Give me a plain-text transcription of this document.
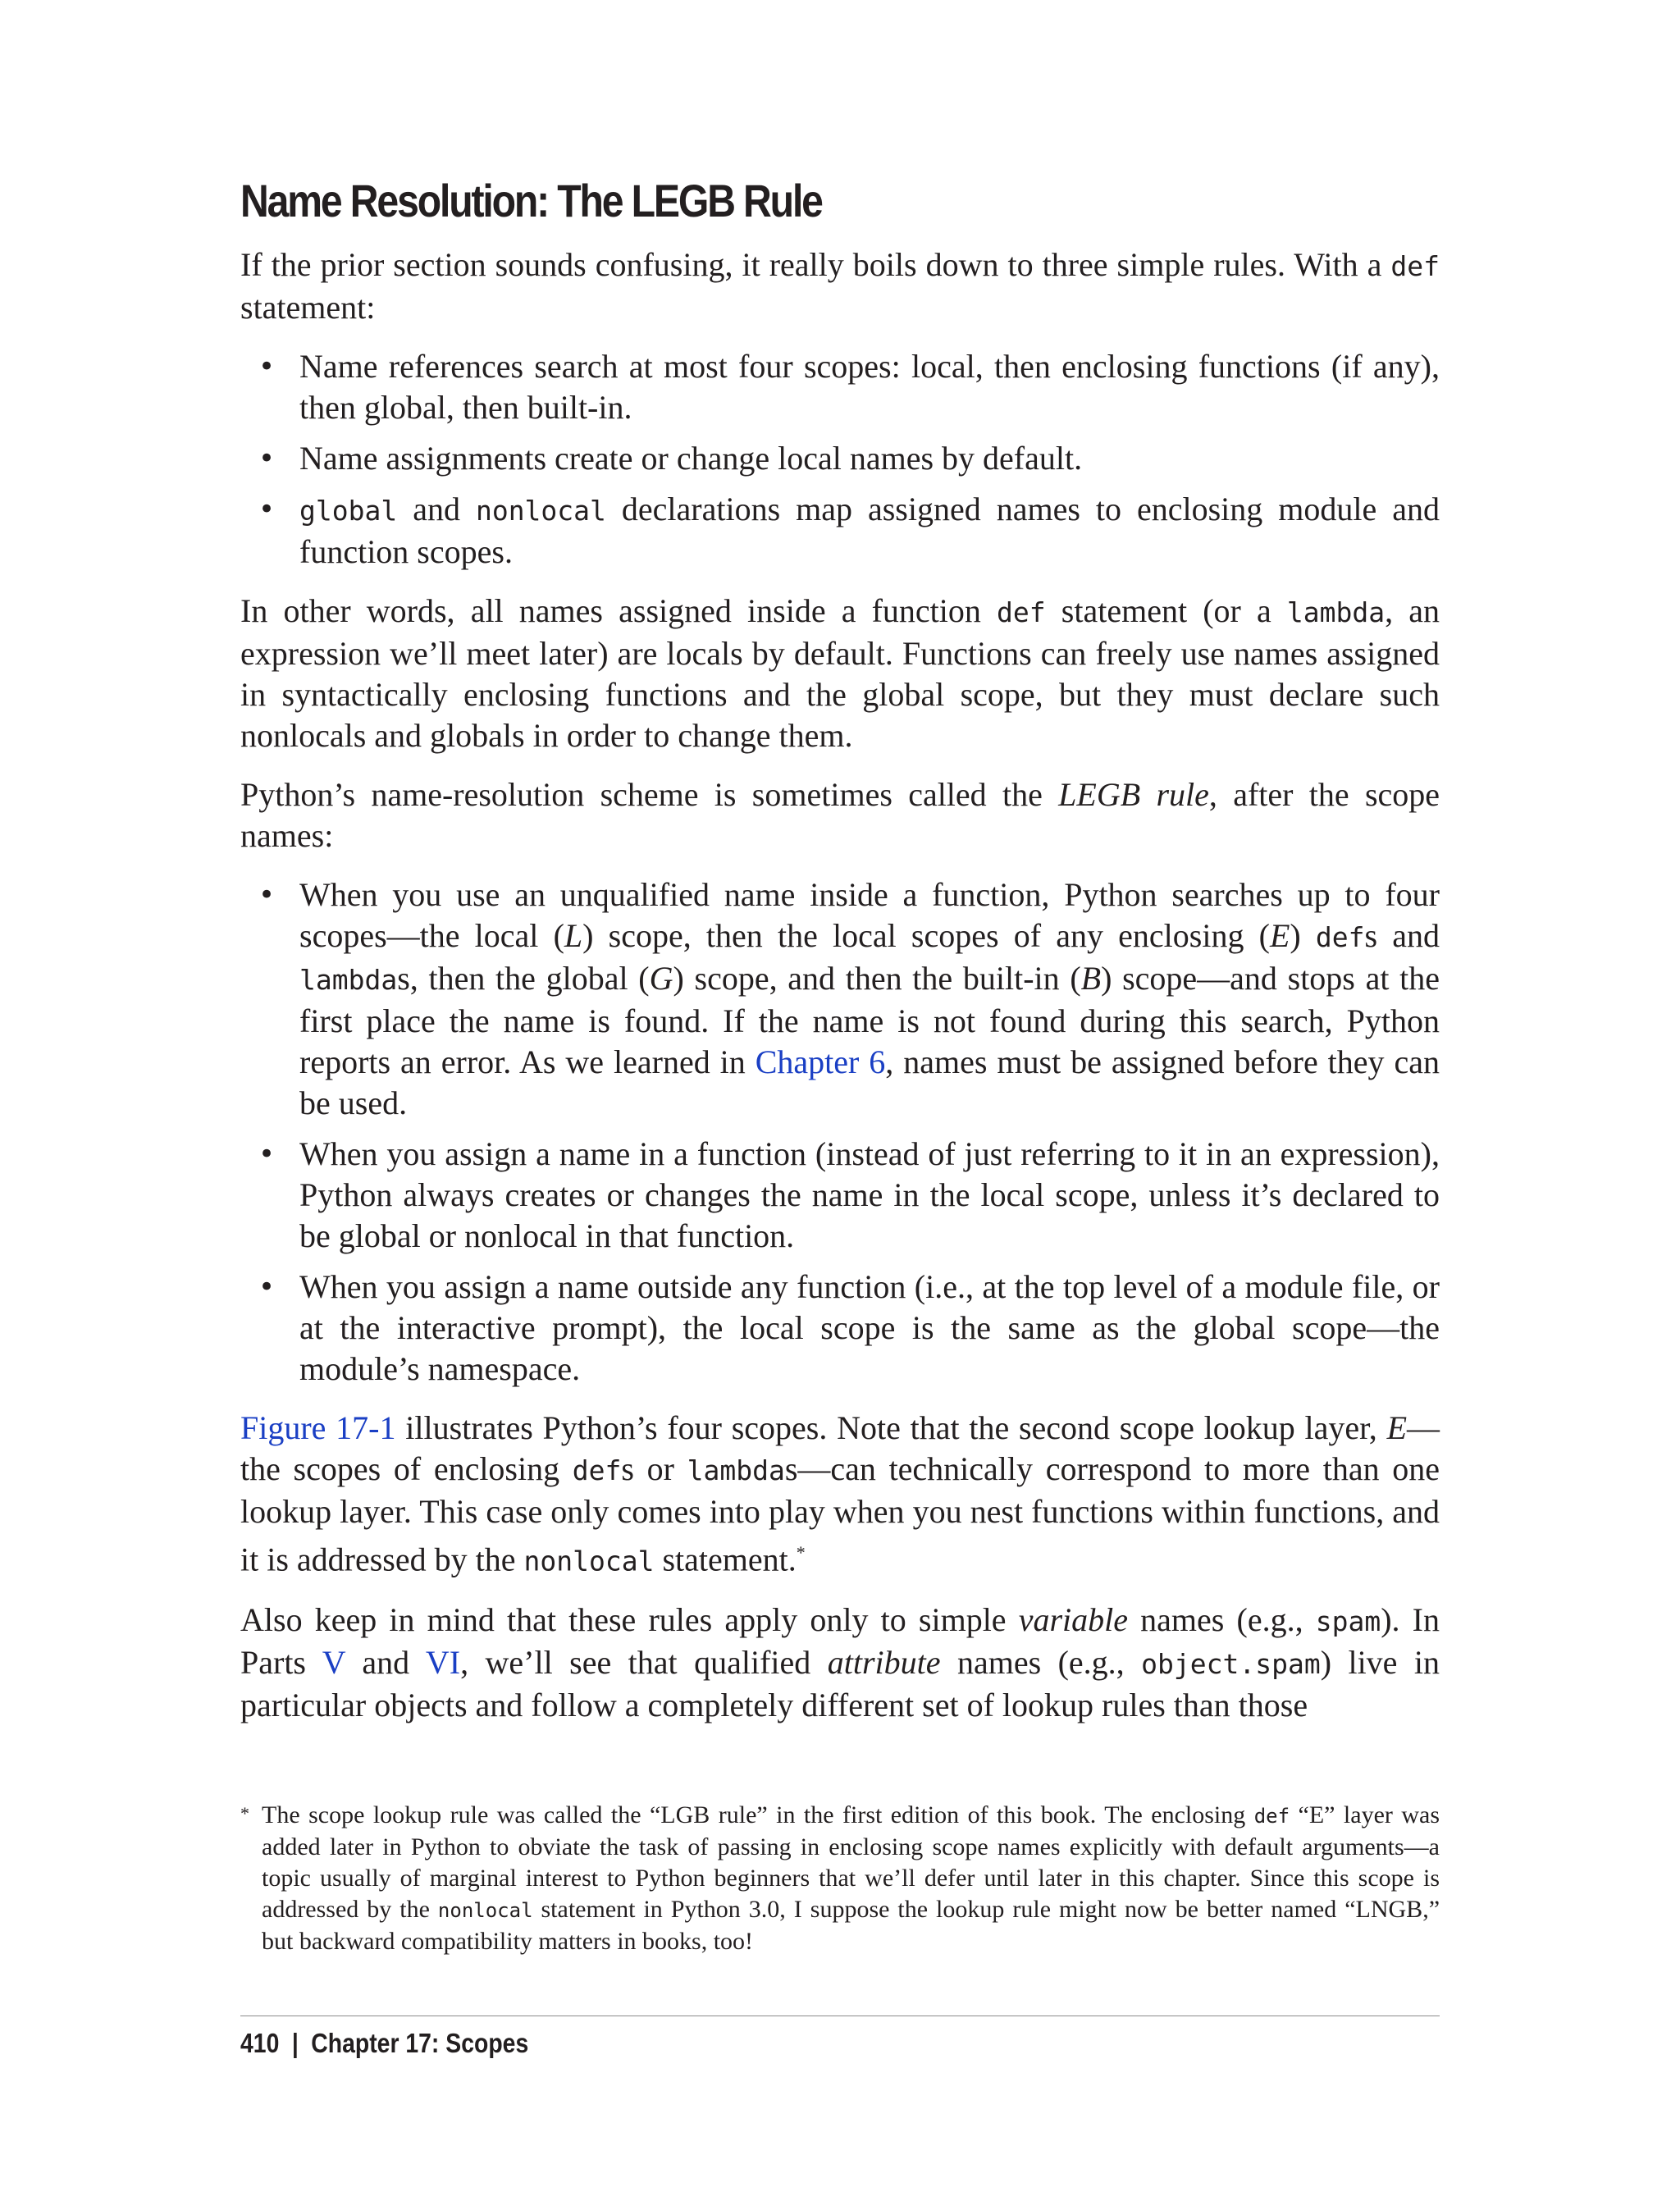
Name Resolution: The LEGB Rule

If the prior section sounds confusing, it really boils down to three simple rules. With a def statement:

• Name references search at most four scopes: local, then enclosing functions (if any), then global, then built-in.
• Name assignments create or change local names by default.
• global and nonlocal declarations map assigned names to enclosing module and function scopes.

In other words, all names assigned inside a function def statement (or a lambda, an expression we’ll meet later) are locals by default. Functions can freely use names assigned in syntactically enclosing functions and the global scope, but they must declare such nonlocals and globals in order to change them.

Python’s name-resolution scheme is sometimes called the LEGB rule, after the scope names:

• When you use an unqualified name inside a function, Python searches up to four scopes—the local (L) scope, then the local scopes of any enclosing (E) defs and lambdas, then the global (G) scope, and then the built-in (B) scope—and stops at the first place the name is found. If the name is not found during this search, Python reports an error. As we learned in Chapter 6, names must be assigned before they can be used.
• When you assign a name in a function (instead of just referring to it in an expression), Python always creates or changes the name in the local scope, unless it’s declared to be global or nonlocal in that function.
• When you assign a name outside any function (i.e., at the top level of a module file, or at the interactive prompt), the local scope is the same as the global scope—the module’s namespace.

Figure 17-1 illustrates Python’s four scopes. Note that the second scope lookup layer, E—the scopes of enclosing defs or lambdas—can technically correspond to more than one lookup layer. This case only comes into play when you nest functions within functions, and it is addressed by the nonlocal statement.*

Also keep in mind that these rules apply only to simple variable names (e.g., spam). In Parts V and VI, we’ll see that qualified attribute names (e.g., object.spam) live in particular objects and follow a completely different set of lookup rules than those

* The scope lookup rule was called the “LGB rule” in the first edition of this book. The enclosing def “E” layer was added later in Python to obviate the task of passing in enclosing scope names explicitly with default arguments—a topic usually of marginal interest to Python beginners that we’ll defer until later in this chapter. Since this scope is addressed by the nonlocal statement in Python 3.0, I suppose the lookup rule might now be better named “LNGB,” but backward compatibility matters in books, too!
410 | Chapter 17: Scopes
